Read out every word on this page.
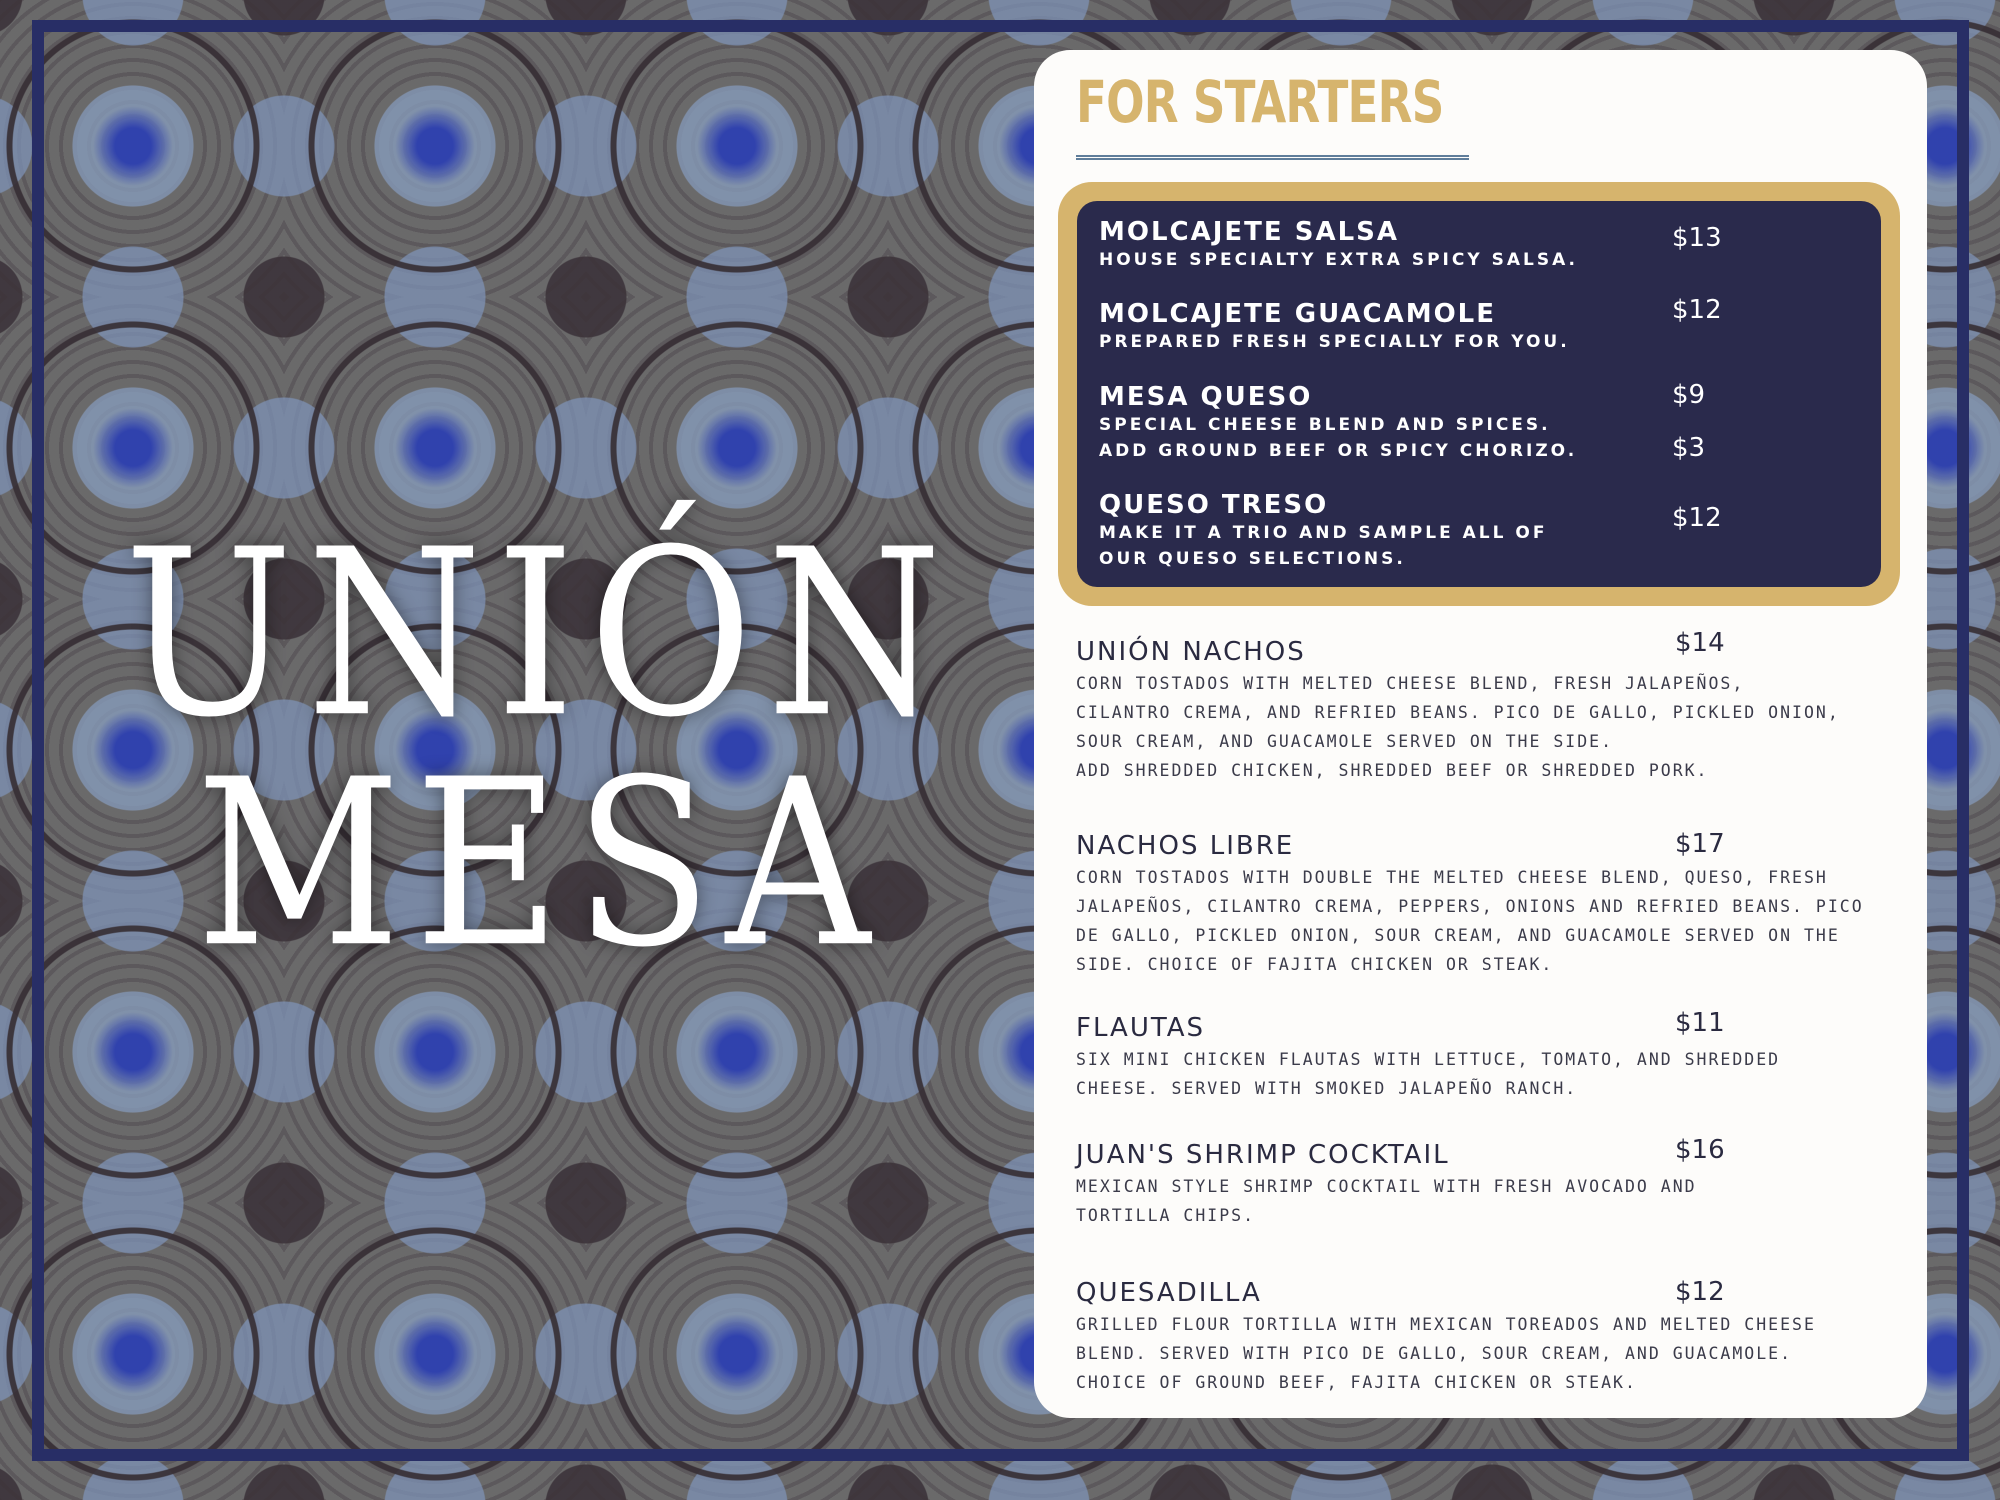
UNIÓN
MESA
FOR STARTERS
MOLCAJETE SALSA
HOUSE SPECIALTY EXTRA SPICY SALSA.
$13
MOLCAJETE GUACAMOLE
PREPARED FRESH SPECIALLY FOR YOU.
$12
MESA QUESO
SPECIAL CHEESE BLEND AND SPICES.
ADD GROUND BEEF OR SPICY CHORIZO.
$9
$3
QUESO TRESO
MAKE IT A TRIO AND SAMPLE ALL OF
OUR QUESO SELECTIONS.
$12
UNIÓN NACHOS
CORN TOSTADOS WITH MELTED CHEESE BLEND, FRESH JALAPEÑOS,
CILANTRO CREMA, AND REFRIED BEANS. PICO DE GALLO, PICKLED ONION,
SOUR CREAM, AND GUACAMOLE SERVED ON THE SIDE.
ADD SHREDDED CHICKEN, SHREDDED BEEF OR SHREDDED PORK.
$14
NACHOS LIBRE
CORN TOSTADOS WITH DOUBLE THE MELTED CHEESE BLEND, QUESO, FRESH
JALAPEÑOS, CILANTRO CREMA, PEPPERS, ONIONS AND REFRIED BEANS. PICO
DE GALLO, PICKLED ONION, SOUR CREAM, AND GUACAMOLE SERVED ON THE
SIDE. CHOICE OF FAJITA CHICKEN OR STEAK.
$17
FLAUTAS
SIX MINI CHICKEN FLAUTAS WITH LETTUCE, TOMATO, AND SHREDDED
CHEESE. SERVED WITH SMOKED JALAPEÑO RANCH.
$11
JUAN'S SHRIMP COCKTAIL
MEXICAN STYLE SHRIMP COCKTAIL WITH FRESH AVOCADO AND
TORTILLA CHIPS.
$16
QUESADILLA
GRILLED FLOUR TORTILLA WITH MEXICAN TOREADOS AND MELTED CHEESE
BLEND. SERVED WITH PICO DE GALLO, SOUR CREAM, AND GUACAMOLE.
CHOICE OF GROUND BEEF, FAJITA CHICKEN OR STEAK.
$12
